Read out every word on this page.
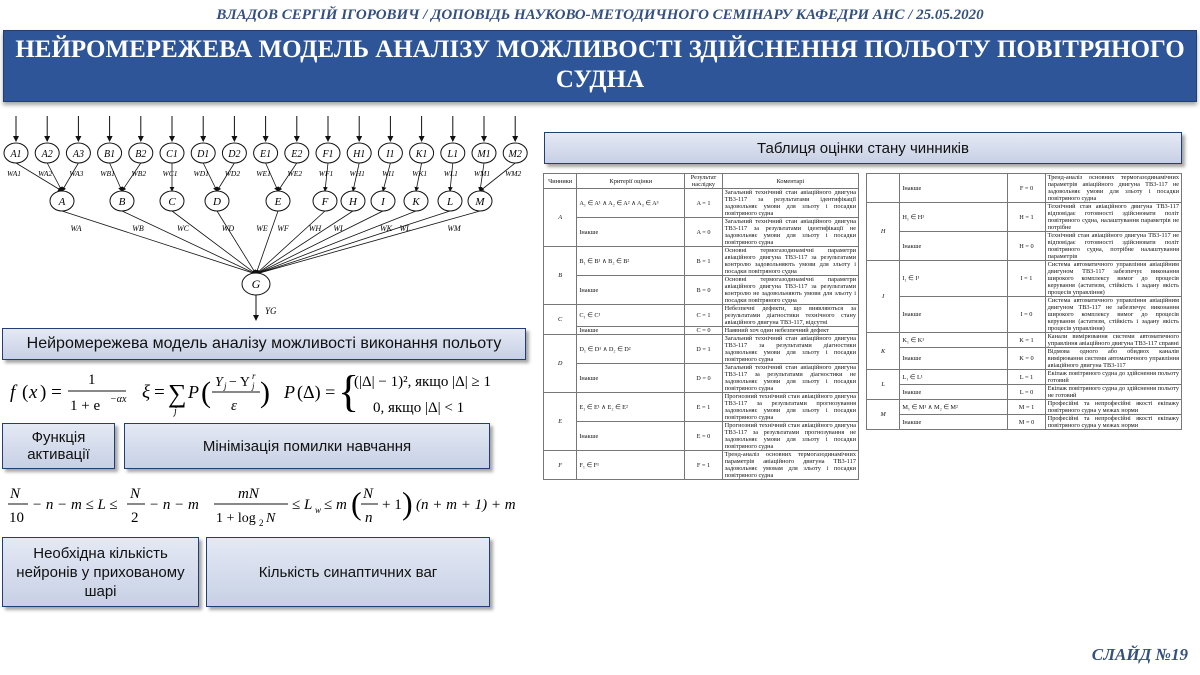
ВЛАДОВ СЕРГІЙ ІГОРОВИЧ / ДОПОВІДЬ НАУКОВО-МЕТОДИЧНОГО СЕМІНАРУ КАФЕДРИ АНС / 25.05.2020
НЕЙРОМЕРЕЖЕВА МОДЕЛЬ АНАЛІЗУ МОЖЛИВОСТІ ЗДІЙСНЕННЯ ПОЛЬОТУ ПОВІТРЯНОГО СУДНА
A1 A2 A3 B1 B2 C1 D1 D2 E1 E2 F1 H1 I1 K1 L1 M1 M2
WA1 WA2 WA3 WB1 WB2 WC1 WD1 WD2 WE1 WE2 WF1 WH1 WI1 WK1 WL1 WM1 WM2
A	B	C	D	E	F H I K L M
WA	WB	WC	WD	WE WF WH WI	WK WL	WM
G
YG
Нейромережева модель аналізу можливості виконання польоту
f ( x ) =
1
1 + e −αx ξ = ∑
j
P ( Y j − Y j
r
ε ) P (Δ) = {
(|Δ| − 1)², якщо |Δ| ≥ 1
0, якщо |Δ| < 1
Функція активації	Мінімізація помилки навчання
N
10
− n − m ≤ L ≤
N
2
− n − m
mN
1 + log 2 N
≤ L w ≤ m ( N
n
+ 1 ) (n + m + 1) + m
Необхідна кількість нейронів у прихованому шарі
Кількість синаптичних ваг
Таблиця оцінки стану чинників
Чинники	Критерії оцінки	Результат наслідку	Коментарі
A	A₁ ∈ A¹ ∧ A₂ ∈ A² ∧ A₃ ∈ A³	A = 1	Загальний технічний стан авіаційного двигуна ТВ3-117 за результатами ідентифікації задовольняє умови для зльоту і посадки повітряного судна
	Інакше	A = 0	Загальний технічний стан авіаційного двигуна ТВ3-117 за результатами ідентифікації не задовольняє умови для зльоту і посадки повітряного судна
B	B₁ ∈ B¹ ∧ B₂ ∈ B²	B = 1	Основні термогазодинамічні параметри авіаційного двигуна ТВ3-117 за результатами контролю задовольняють умови для зльоту і посадки повітряного судна
	Інакше	B = 0	Основні термогазодинамічні параметри авіаційного двигуна ТВ3-117 за результатами контролю не задовольняють умови для зльоту і посадки повітряного судна
C	C₁ ∈ C¹	C = 1	Небезпечні дефекти, що виявляються за результатами діагностики технічного стану авіаційного двигуна ТВ3-117, відсутні
	Інакше	C = 0	Наявний хоч один небезпечний дефект
D	D₁ ∈ D¹ ∧ D₂ ∈ D²	D = 1	Загальний технічний стан авіаційного двигуна ТВ3-117 за результатами діагностики задовольняє умови для зльоту і посадки повітряного судна
	Інакше	D = 0	Загальний технічний стан авіаційного двигуна ТВ3-117 за результатами діагностики не задовольняє умови для зльоту і посадки повітряного судна
E	E₁ ∈ E¹ ∧ E₂ ∈ E²	E = 1	Прогнозний технічний стан авіаційного двигуна ТВ3-117 за результатами прогнозування задовольняє умови для зльоту і посадки повітряного судна
	Інакше	E = 0	Прогнозний технічний стан авіаційного двигуна ТВ3-117 за результатами прогнозування не задовольняє умови для зльоту і посадки повітряного судна
F	F₁ ∈ F¹	F = 1	Тренд-аналіз основних термогазодинамічних параметрів авіаційного двигуна ТВ3-117 задовольняє умовам для зльоту і посадки повітряного судна
	Інакше	F = 0	Тренд-аналіз основних термогазодинамічних параметрів авіаційного двигуна ТВ3-117 не задовольняє умови для зльоту і посадки повітряного судна
H	H₁ ∈ H¹	H = 1	Технічний стан авіаційного двигуна ТВ3-117 відповідає готовності здійснювати політ повітряного судна, налаштування параметрів не потрібне
	Інакше	H = 0	Технічний стан авіаційного двигуна ТВ3-117 не відповідає готовності здійснювати політ повітряного судна, потрібне налаштування параметрів
I	I₁ ∈ I¹	I = 1	Система автоматичного управління авіаційним двигуном ТВ3-117 забезпечує виконання широкого комплексу вимог до процесів керування (астатизм, стійкість і задану якість процесів управління)
	Інакше	I = 0	Система автоматичного управління авіаційним двигуном ТВ3-117 не забезпечує виконання широкого комплексу вимог до процесів керування (астатизм, стійкість і задану якість процесів управління)
K	K₁ ∈ K¹	K = 1	Канали вимірювання системи автоматичного управління авіаційного двигуна ТВ3-117 справні
	Інакше	K = 0	Відмова одного або обидвох каналів вимірювання системи автоматичного управління авіаційного двигуна ТВ3-117
L	L₁ ∈ L¹	L = 1	Екіпаж повітряного судна до здійснення польоту готовий
	Інакше	L = 0	Екіпаж повітряного судна до здійснення польоту не готовий
M	M₁ ∈ M¹ ∧ M₂ ∈ M²	M = 1	Професійні та непрофесійні якості екіпажу повітряного судна у межах норми
	Інакше	M = 0	Професійні та непрофесійні якості екіпажу повітряного судна у межах норми
СЛАЙД №19
